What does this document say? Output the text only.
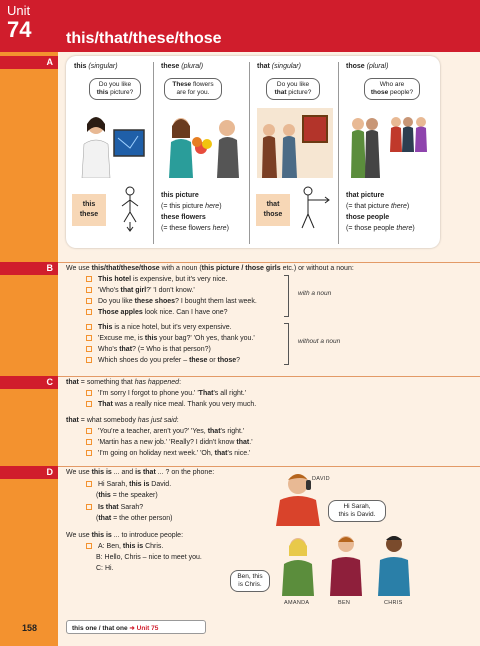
Unit
74	this/that/these/those
A
B
C
D
this (singular)	these (plural)	that (singular)	those (plural)
Do you like
this picture?
These flowers
are for you.
Do you like
that picture?
Who are
those people?
this
these
this picture
(= this picture here)
these flowers
(= these flowers here)
that
those
that picture
(= that picture there)
those people
(= those people there)
We use this/that/these/those with a noun (this picture / those girls etc.) or without a noun:
This hotel is expensive, but it's very nice.
'Who's that girl?' 'I don't know.'
Do you like these shoes? I bought them last week.
Those apples look nice. Can I have one?
with a noun
This is a nice hotel, but it's very expensive.
'Excuse me, is this your bag?' 'Oh yes, thank you.'
Who's that? (= Who is that person?)
Which shoes do you prefer – these or those?
without a noun
that = something that has happened:
'I'm sorry I forgot to phone you.' 'That's all right.'
That was a really nice meal. Thank you very much.
that = what somebody has just said:
'You're a teacher, aren't you?' 'Yes, that's right.'
'Martin has a new job.' 'Really? I didn't know that.'
'I'm going on holiday next week.' 'Oh, that's nice.'
We use this is ... and is that ... ? on the phone:
Hi Sarah, this is David.
(this = the speaker)
Is that Sarah?
(that = the other person)
We use this is ... to introduce people:
A: Ben, this is Chris.
B: Hello, Chris – nice to meet you.
C: Hi.
DAVID
Hi Sarah,
this is David.
Ben, this
is Chris.
AMANDA	BEN	CHRIS
158	this one / that one ➜ Unit 75
